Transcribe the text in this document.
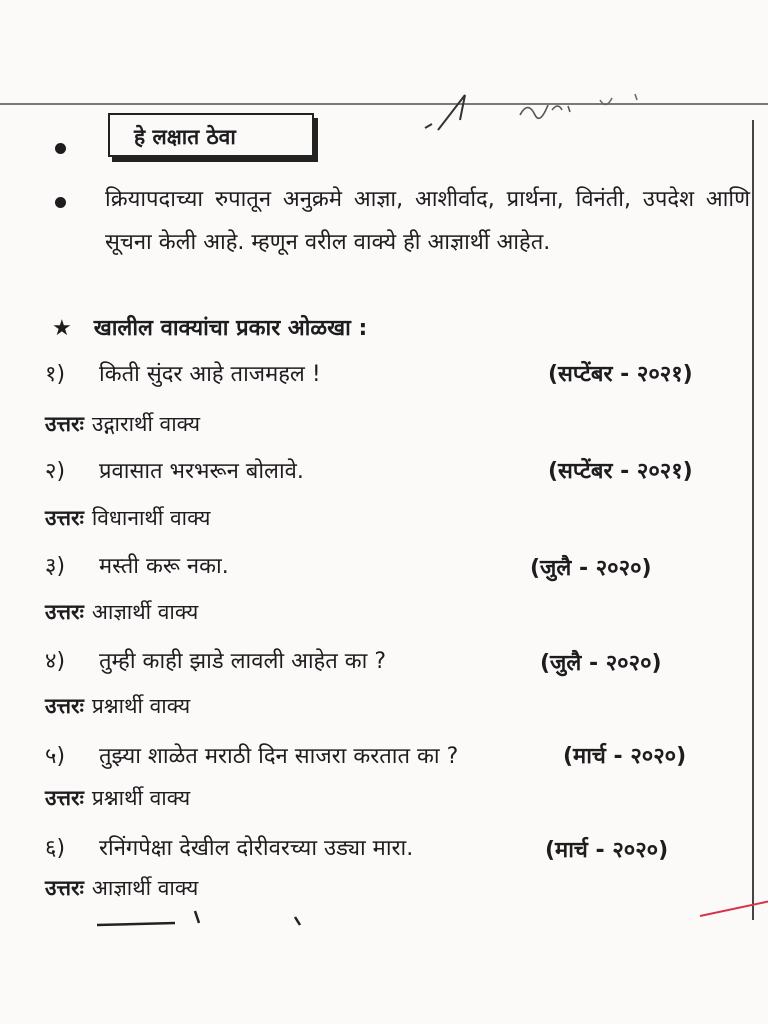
हे लक्षात ठेवा
क्रियापदाच्या रुपातून अनुक्रमे आज्ञा, आशीर्वाद, प्रार्थना, विनंती, उपदेश आणि सूचना केली आहे. म्हणून वरील वाक्ये ही आज्ञार्थी आहेत.
★ खालील वाक्यांचा प्रकार ओळखा :
१) किती सुंदर आहे ताजमहल !	(सप्टेंबर - २०२१)
उत्तरः उद्गारार्थी वाक्य
२) प्रवासात भरभरून बोलावे.	(सप्टेंबर - २०२१)
उत्तरः विधानार्थी वाक्य
३) मस्ती करू नका.	(जुलै - २०२०)
उत्तरः आज्ञार्थी वाक्य
४) तुम्ही काही झाडे लावली आहेत का ?	(जुलै - २०२०)
उत्तरः प्रश्नार्थी वाक्य
५) तुझ्या शाळेत मराठी दिन साजरा करतात का ?	(मार्च - २०२०)
उत्तरः प्रश्नार्थी वाक्य
६) रनिंगपेक्षा देखील दोरीवरच्या उड्या मारा.	(मार्च - २०२०)
उत्तरः आज्ञार्थी वाक्य
